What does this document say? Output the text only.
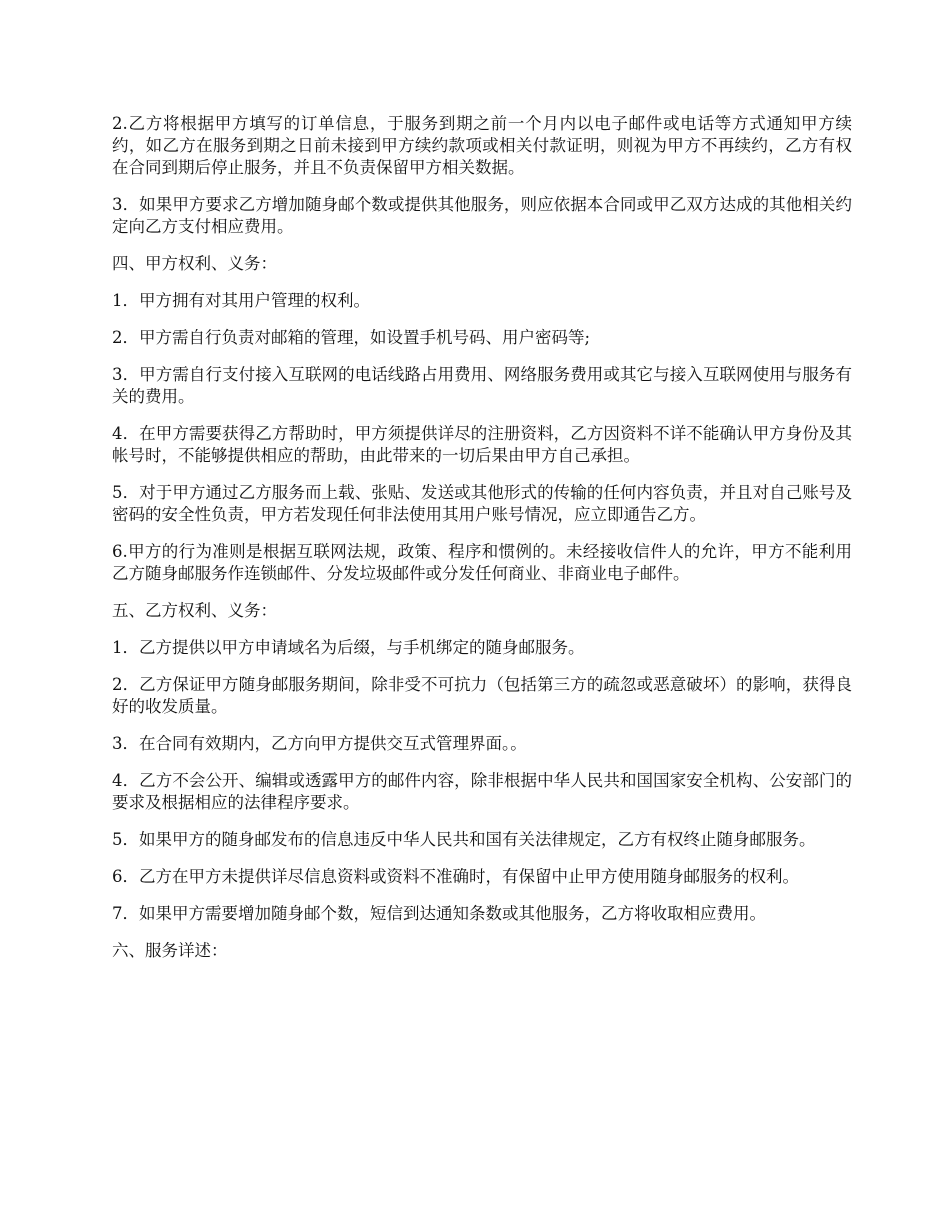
2.乙方将根据甲方填写的订单信息，于服务到期之前一个月内以电子邮件或电话等方式通知甲方续约，如乙方在服务到期之日前未接到甲方续约款项或相关付款证明，则视为甲方不再续约，乙方有权在合同到期后停止服务，并且不负责保留甲方相关数据。

3．如果甲方要求乙方增加随身邮个数或提供其他服务，则应依据本合同或甲乙双方达成的其他相关约定向乙方支付相应费用。

四、甲方权利、义务：

1．甲方拥有对其用户管理的权利。

2．甲方需自行负责对邮箱的管理，如设置手机号码、用户密码等;

3．甲方需自行支付接入互联网的电话线路占用费用、网络服务费用或其它与接入互联网使用与服务有关的费用。

4．在甲方需要获得乙方帮助时，甲方须提供详尽的注册资料，乙方因资料不详不能确认甲方身份及其帐号时，不能够提供相应的帮助，由此带来的一切后果由甲方自己承担。

5．对于甲方通过乙方服务而上载、张贴、发送或其他形式的传输的任何内容负责，并且对自己账号及密码的安全性负责，甲方若发现任何非法使用其用户账号情况，应立即通告乙方。

6.甲方的行为准则是根据互联网法规，政策、程序和惯例的。未经接收信件人的允许，甲方不能利用乙方随身邮服务作连锁邮件、分发垃圾邮件或分发任何商业、非商业电子邮件。

五、乙方权利、义务：

1．乙方提供以甲方申请域名为后缀，与手机绑定的随身邮服务。

2．乙方保证甲方随身邮服务期间，除非受不可抗力（包括第三方的疏忽或恶意破坏）的影响，获得良好的收发质量。

3．在合同有效期内，乙方向甲方提供交互式管理界面。。

4．乙方不会公开、编辑或透露甲方的邮件内容，除非根据中华人民共和国国家安全机构、公安部门的要求及根据相应的法律程序要求。

5．如果甲方的随身邮发布的信息违反中华人民共和国有关法律规定，乙方有权终止随身邮服务。

6．乙方在甲方未提供详尽信息资料或资料不准确时，有保留中止甲方使用随身邮服务的权利。

7．如果甲方需要增加随身邮个数，短信到达通知条数或其他服务，乙方将收取相应费用。

六、服务详述：
